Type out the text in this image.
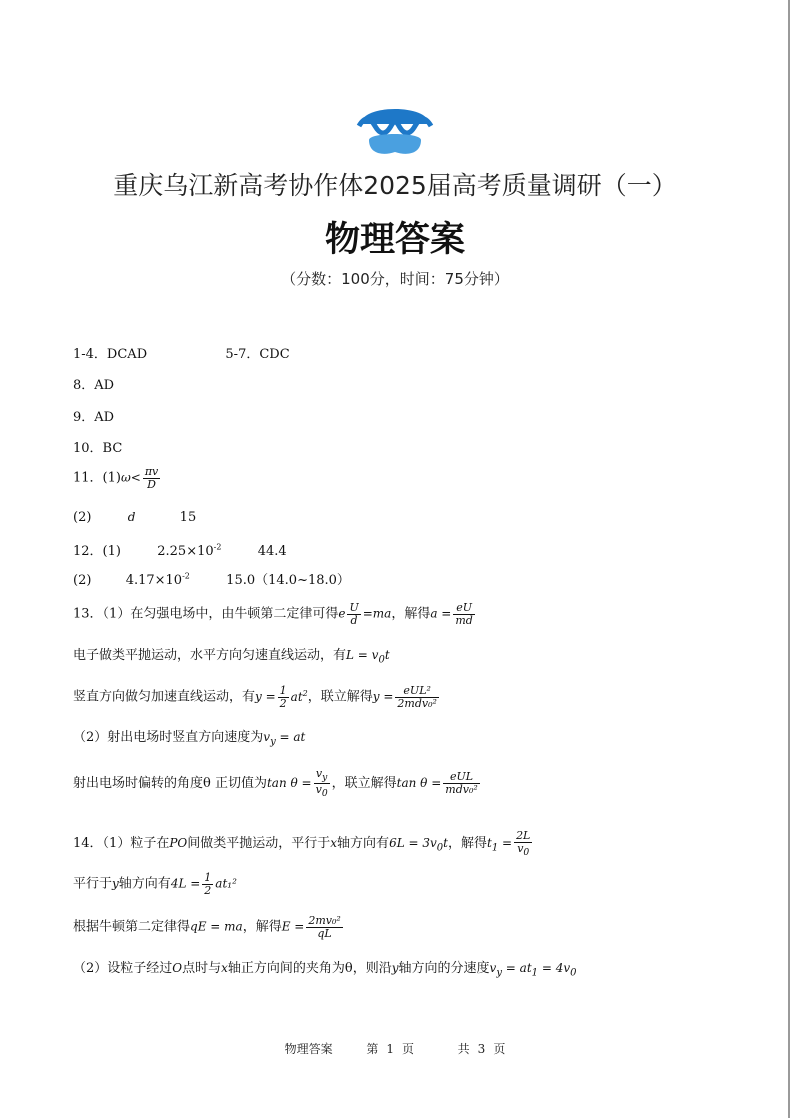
重庆乌江新高考协作体2025届高考质量调研（一）
物理答案
（分数：100分，时间：75分钟）
1-4．DCAD	5-7．CDC
8．AD
9．AD
10．BC
11．$(1)\omega< \frac{\pi v}{D}$
(2)	d	15
12．(1)	$2.25\times 10^{-2}$	44.4
(2)	$4.17\times 10^{-2}$	15.0（14.0~18.0）
13．（1）在匀强电场中，由牛顿第二定律可得e $\frac{U}{d} =ma$，解得$a = \frac{eU}{md}$
电子做类平抛运动，水平方向匀速直线运动，有$L = v_0t$
竖直方向做匀加速直线运动，有$y = \frac{1}{2} at^2$，联立解得$y = \frac{\text{eUL²}}{\text{2mdv₀²}}$
（2）射出电场时竖直方向速度为$v_y$ = at
射出电场时偏转的角度θ 正切值为$\tan \theta = \frac{v_y}{v_0}$ ，联立解得$\tan \theta = \frac{\text{eUL}}{\text{mdv₀²}}$
14．（1）粒子在PO间做类平抛运动，平行于x轴方向有$6L = 3v_0t$，解得$t_1 = \frac{2L}{v_0}$
平行于y轴方向有$4L = \frac{1}{2} at_1^2$
根据牛顿第二定律得qE = ma，解得$E = \frac{\text{2mv₀²}}{qL}$
（2）设粒子经过O点时与x轴正方向间的夹角为θ，则沿y轴方向的分速度$v_y = at_1 = 4v_0$
物理答案	第 1 页	共 3 页
